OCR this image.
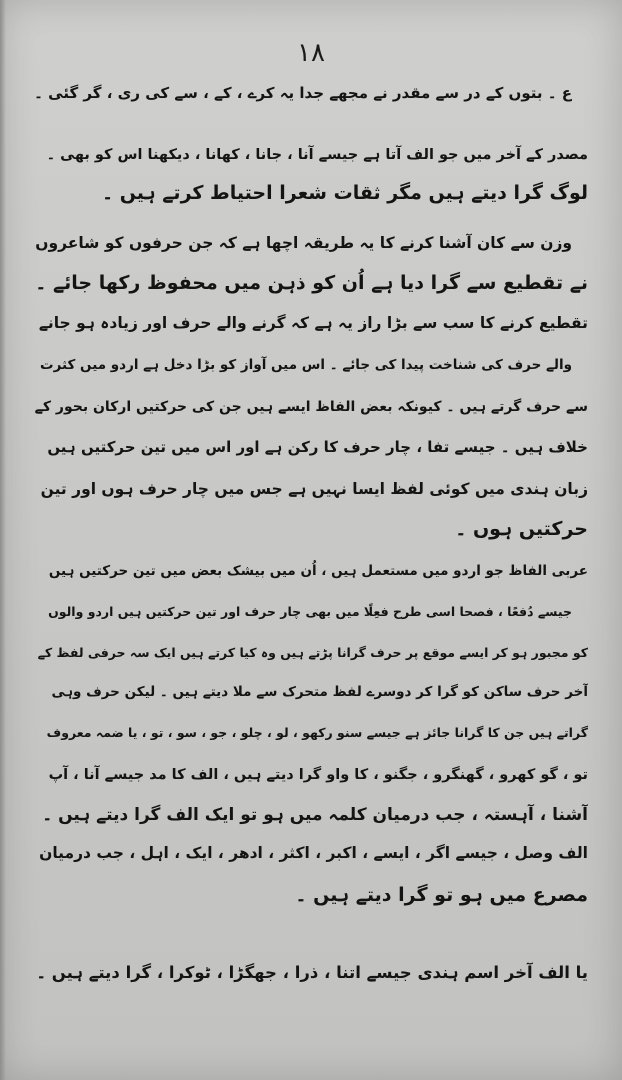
۱۸
ع ۔ بتوں کے در سے مقدر نے مجھے جدا یہ کرے ، کے ، سے کی ری ، گر گئی ۔
مصدر کے آخر میں جو الف آتا ہے جیسے آنا ، جانا ، کھانا ، دیکھنا اس کو بھی ۔
لوگ گرا دیتے ہیں مگر ثقات شعرا احتیاط کرتے ہیں ۔
وزن سے کان آشنا کرنے کا یہ طریقہ اچھا ہے کہ جن حرفوں کو شاعروں
نے تقطیع سے گرا دیا ہے اُن کو ذہن میں محفوظ رکھا جائے ۔
تقطیع کرنے کا سب سے بڑا راز یہ ہے کہ گرنے والے حرف اور زیادہ ہو جانے
والے حرف کی شناخت پیدا کی جائے ۔ اس میں آواز کو بڑا دخل ہے اردو میں کثرت
سے حرف گرتے ہیں ۔ کیونکہ بعض الفاظ ایسے ہیں جن کی حرکتیں ارکان بحور کے
خلاف ہیں ۔ جیسے تفا ، چار حرف کا رکن ہے اور اس میں تین حرکتیں ہیں
زبان ہندی میں کوئی لفظ ایسا نہیں ہے جس میں چار حرف ہوں اور تین
حرکتیں ہوں ۔
عربی الفاظ جو اردو میں مستعمل ہیں ، اُن میں بیشک بعض میں تین حرکتیں ہیں
جیسے دُفعًا ، فصحا اسی طرح فعِلًا میں بھی چار حرف اور تین حرکتیں ہیں اردو والوں
کو مجبور ہو کر ایسے موقع پر حرف گرانا پڑتے ہیں وہ کیا کرتے ہیں ایک سہ حرفی لفظ کے
آخر حرف ساکن کو گرا کر دوسرے لفظ متحرک سے ملا دیتے ہیں ۔ لیکن حرف وہی
گراتے ہیں جن کا گرانا جائز ہے جیسے سنو رکھو ، لو ، چلو ، جو ، سو ، تو ، یا ضمہ معروف
تو ، گو کھرو ، گھنگرو ، جگنو ، کا واو گرا دیتے ہیں ، الف کا مد جیسے آنا ، آپ
آشنا ، آہستہ ، جب درمیان کلمہ میں ہو تو ایک الف گرا دیتے ہیں ۔
الف وصل ، جیسے اگر ، ایسے ، اکبر ، اکثر ، ادھر ، ایک ، اہل ، جب درمیان
مصرع میں ہو تو گرا دیتے ہیں ۔
یا الف آخر اسم ہندی جیسے اتنا ، ذرا ، جھگڑا ، ٹوکرا ، گرا دیتے ہیں ۔
